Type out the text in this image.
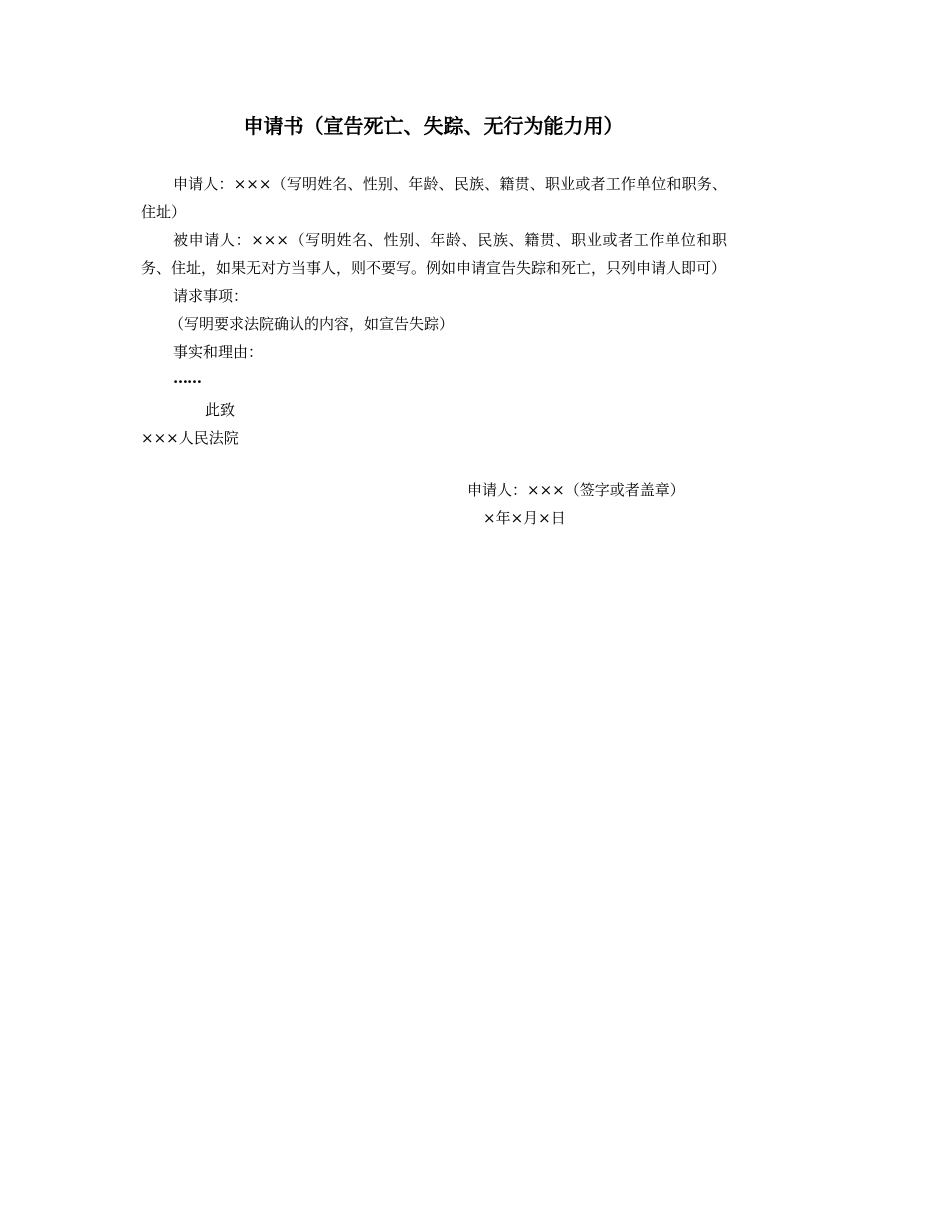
申请书（宣告死亡、失踪、无行为能力用）

申请人：×××（写明姓名、性别、年龄、民族、籍贯、职业或者工作单位和职务、住址）

被申请人：×××（写明姓名、性别、年龄、民族、籍贯、职业或者工作单位和职务、住址，如果无对方当事人，则不要写。例如申请宣告失踪和死亡，只列申请人即可）

请求事项：

（写明要求法院确认的内容，如宣告失踪）

事实和理由：

……

此致

×××人民法院

申请人：×××（签字或者盖章）
×年×月×日
